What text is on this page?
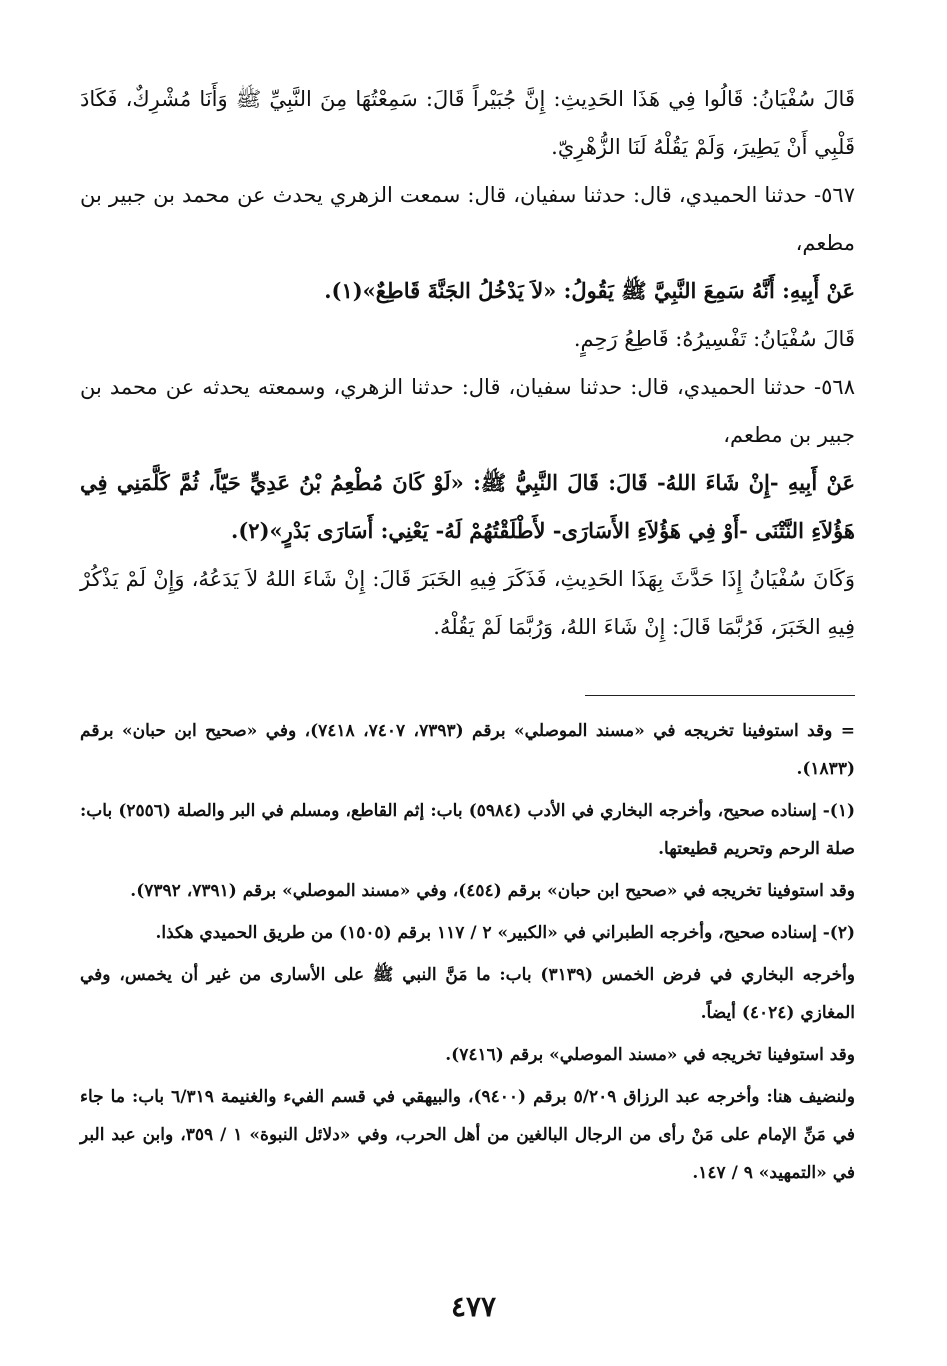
قَالَ سُفْيَانُ: قَالُوا فِي هَذَا الحَدِيثِ: إِنَّ جُبَيْراً قَالَ: سَمِعْتُهَا مِنَ النَّبِيِّ ﷺ وَأَنَا مُشْرِكٌ، فَكَادَ قَلْبِي أَنْ يَطِيرَ، وَلَمْ يَقُلْهُ لَنَا الزُّهْرِيّ.

٥٦٧- حدثنا الحميدي، قال: حدثنا سفيان، قال: سمعت الزهري يحدث عن محمد بن جبير بن مطعم،

عَنْ أَبِيهِ: أَنَّهُ سَمِعَ النَّبِيَّ ﷺ يَقُولُ: «لاَ يَدْخُلُ الجَنَّةَ قَاطِعٌ»(١).

قَالَ سُفْيَانُ: تَفْسِيرُهُ: قَاطِعُ رَحِمٍ.

٥٦٨- حدثنا الحميدي، قال: حدثنا سفيان، قال: حدثنا الزهري، وسمعته يحدثه عن محمد بن جبير بن مطعم،

عَنْ أَبِيهِ -إِنْ شَاءَ اللهُ- قَالَ: قَالَ النَّبِيُّ ﷺ: «لَوْ كَانَ مُطْعِمُ بْنُ عَدِيٍّ حَيّاً، ثُمَّ كَلَّمَنِي فِي هَؤُلاَءِ النَّتْنَى -أَوْ فِي هَؤُلاَءِ الأَسَارَى- لأَطْلَقْتُهُمْ لَهُ- يَعْنِي: أَسَارَى بَدْرٍ»(٢).

وَكَانَ سُفْيَانُ إِذَا حَدَّثَ بِهَذَا الحَدِيثِ، فَذَكَرَ فِيهِ الخَبَرَ قَالَ: إِنْ شَاءَ اللهُ لاَ يَدَعُهُ، وَإِنْ لَمْ يَذْكُرْ فِيهِ الخَبَرَ، فَرُبَّمَا قَالَ: إِنْ شَاءَ اللهُ، وَرُبَّمَا لَمْ يَقُلْهُ.

= وقد استوفينا تخريجه في «مسند الموصلي» برقم (٧٣٩٣، ٧٤٠٧، ٧٤١٨)، وفي «صحيح ابن حبان» برقم (١٨٣٣).

(١)- إسناده صحيح، وأخرجه البخاري في الأدب (٥٩٨٤) باب: إثم القاطع، ومسلم في البر والصلة (٢٥٥٦) باب: صلة الرحم وتحريم قطيعتها.

وقد استوفينا تخريجه في «صحيح ابن حبان» برقم (٤٥٤)، وفي «مسند الموصلي» برقم (٧٣٩١، ٧٣٩٢).

(٢)- إسناده صحيح، وأخرجه الطبراني في «الكبير» ٢ / ١١٧ برقم (١٥٠٥) من طريق الحميدي هكذا.

وأخرجه البخاري في فرض الخمس (٣١٣٩) باب: ما مَنَّ النبي ﷺ على الأسارى من غير أن يخمس، وفي المغازي (٤٠٢٤) أيضاً.

وقد استوفينا تخريجه في «مسند الموصلي» برقم (٧٤١٦).

ولنضيف هنا: وأخرجه عبد الرزاق ٥/٢٠٩ برقم (٩٤٠٠)، والبيهقي في قسم الفيء والغنيمة ٦/٣١٩ باب: ما جاء في مَنِّ الإمام على مَنْ رأى من الرجال البالغين من أهل الحرب، وفي «دلائل النبوة» ١ / ٣٥٩، وابن عبد البر في «التمهيد» ٩ / ١٤٧.

٤٧٧
